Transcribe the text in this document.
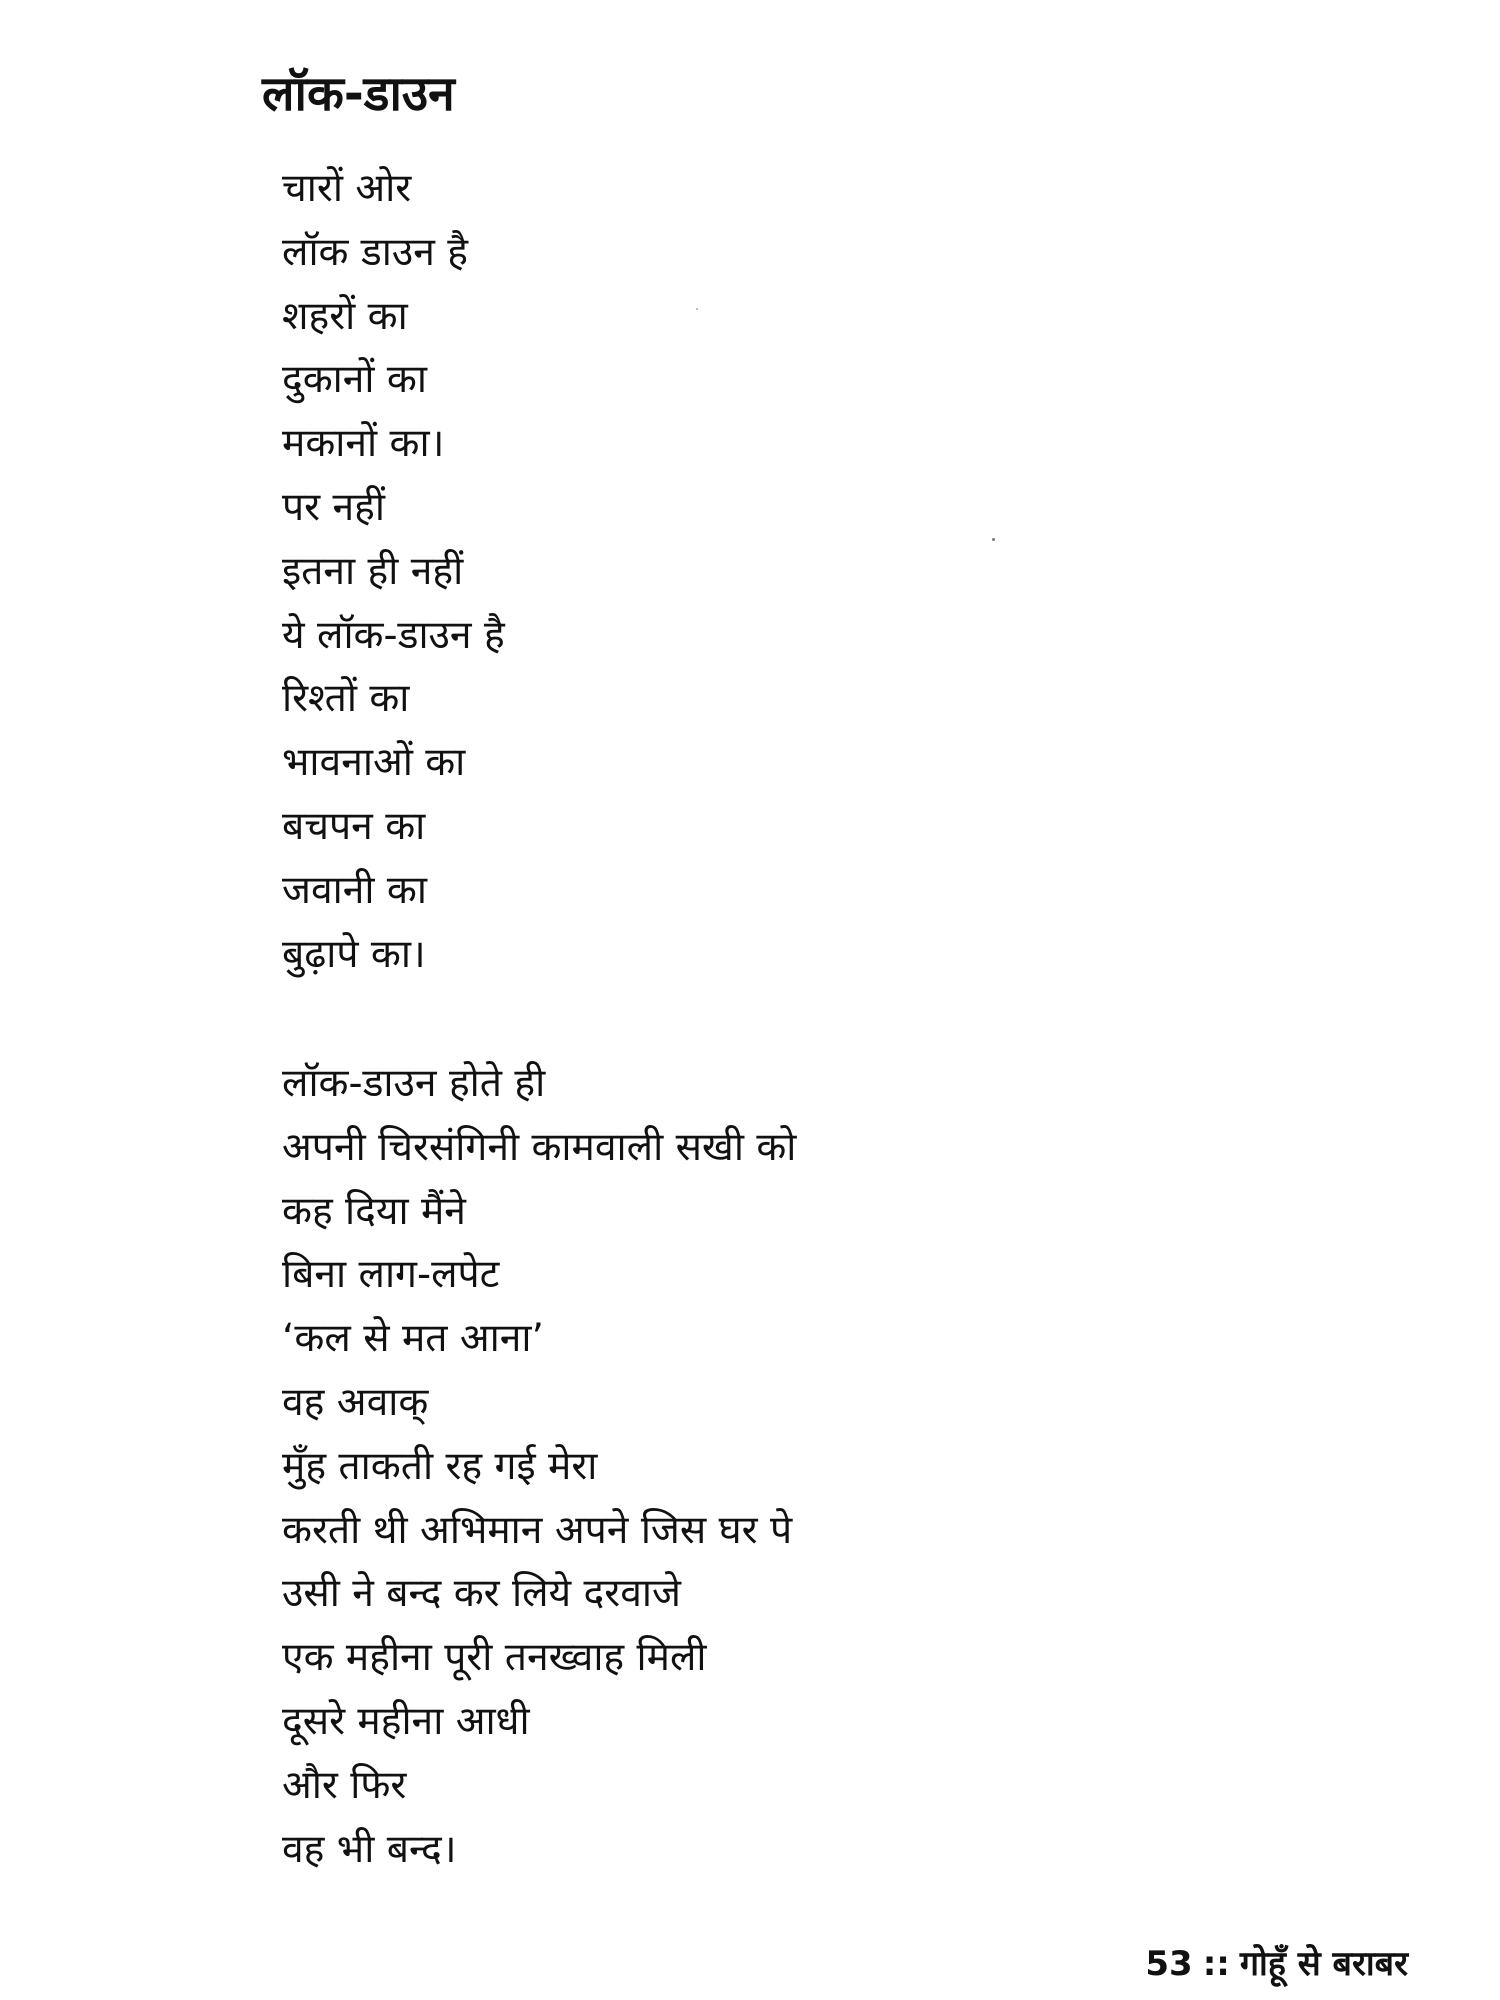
लॉक-डाउन
चारों ओर
लॉक डाउन है
शहरों का
दुकानों का
मकानों का।
पर नहीं
इतना ही नहीं
ये लॉक-डाउन है
रिश्तों का
भावनाओं का
बचपन का
जवानी का
बुढ़ापे का।
लॉक-डाउन होते ही
अपनी चिरसंगिनी कामवाली सखी को
कह दिया मैंने
बिना लाग-लपेट
‘कल से मत आना’
वह अवाक्
मुँह ताकती रह गई मेरा
करती थी अभिमान अपने जिस घर पे
उसी ने बन्द कर लिये दरवाजे
एक महीना पूरी तनख्वाह मिली
दूसरे महीना आधी
और फिर
वह भी बन्द।
53 :: गोहूँ से बराबर
